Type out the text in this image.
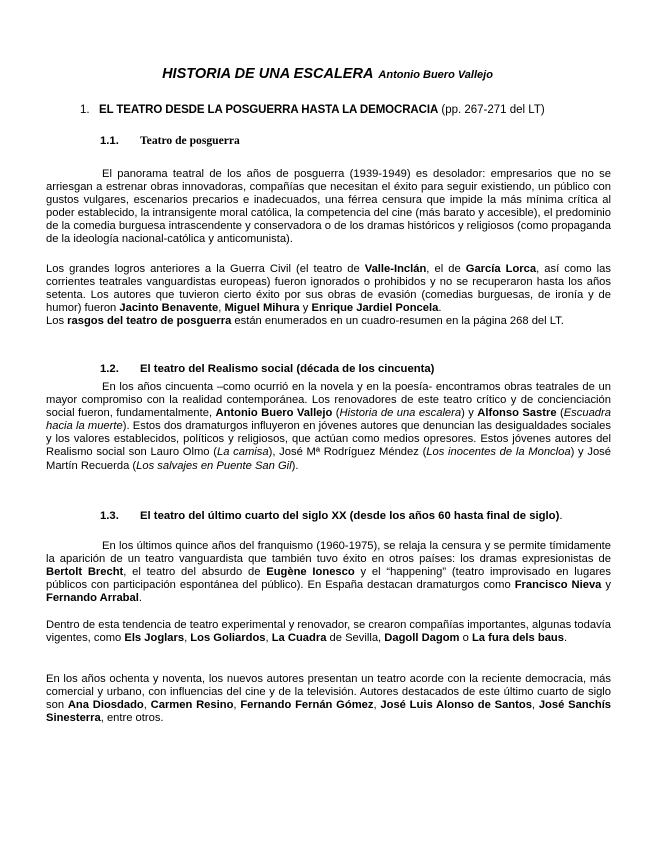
HISTORIA DE UNA ESCALERA Antonio Buero Vallejo
1. EL TEATRO DESDE LA POSGUERRA HASTA LA DEMOCRACIA (pp. 267-271 del LT)
1.1. Teatro de posguerra

El panorama teatral de los años de posguerra (1939-1949) es desolador: empresarios que no se arriesgan a estrenar obras innovadoras, compañías que necesitan el éxito para seguir existiendo, un público con gustos vulgares, escenarios precarios e inadecuados, una férrea censura que impide la más mínima crítica al poder establecido, la intransigente moral católica, la competencia del cine (más barato y accesible), el predominio de la comedia burguesa intrascendente y conservadora o de los dramas históricos y religiosos (como propaganda de la ideología nacional-católica y anticomunista).

Los grandes logros anteriores a la Guerra Civil (el teatro de Valle-Inclán, el de García Lorca, así como las corrientes teatrales vanguardistas europeas) fueron ignorados o prohibidos y no se recuperaron hasta los años setenta. Los autores que tuvieron cierto éxito por sus obras de evasión (comedias burguesas, de ironía y de humor) fueron Jacinto Benavente, Miguel Mihura y Enrique Jardiel Poncela.

Los rasgos del teatro de posguerra están enumerados en un cuadro-resumen en la página 268 del LT.

1.2. El teatro del Realismo social (década de los cincuenta)

En los años cincuenta –como ocurrió en la novela y en la poesía- encontramos obras teatrales de un mayor compromiso con la realidad contemporánea. Los renovadores de este teatro crítico y de concienciación social fueron, fundamentalmente, Antonio Buero Vallejo (Historia de una escalera) y Alfonso Sastre (Escuadra hacia la muerte). Estos dos dramaturgos influyeron en jóvenes autores que denuncian las desigualdades sociales y los valores establecidos, políticos y religiosos, que actúan como medios opresores. Estos jóvenes autores del Realismo social son Lauro Olmo (La camisa), José Mª Rodríguez Méndez (Los inocentes de la Moncloa) y José Martín Recuerda (Los salvajes en Puente San Gil).

1.3. El teatro del último cuarto del siglo XX (desde los años 60 hasta final de siglo).

En los últimos quince años del franquismo (1960-1975), se relaja la censura y se permite tímidamente la aparición de un teatro vanguardista que también tuvo éxito en otros países: los dramas expresionistas de Bertolt Brecht, el teatro del absurdo de Eugène Ionesco y el “happening” (teatro improvisado en lugares públicos con participación espontánea del público). En España destacan dramaturgos como Francisco Nieva y Fernando Arrabal.

Dentro de esta tendencia de teatro experimental y renovador, se crearon compañías importantes, algunas todavía vigentes, como Els Joglars, Los Goliardos, La Cuadra de Sevilla, Dagoll Dagom o La fura dels baus.

En los años ochenta y noventa, los nuevos autores presentan un teatro acorde con la reciente democracia, más comercial y urbano, con influencias del cine y de la televisión. Autores destacados de este último cuarto de siglo son Ana Diosdado, Carmen Resino, Fernando Fernán Gómez, José Luis Alonso de Santos, José Sanchís Sinesterra, entre otros.
